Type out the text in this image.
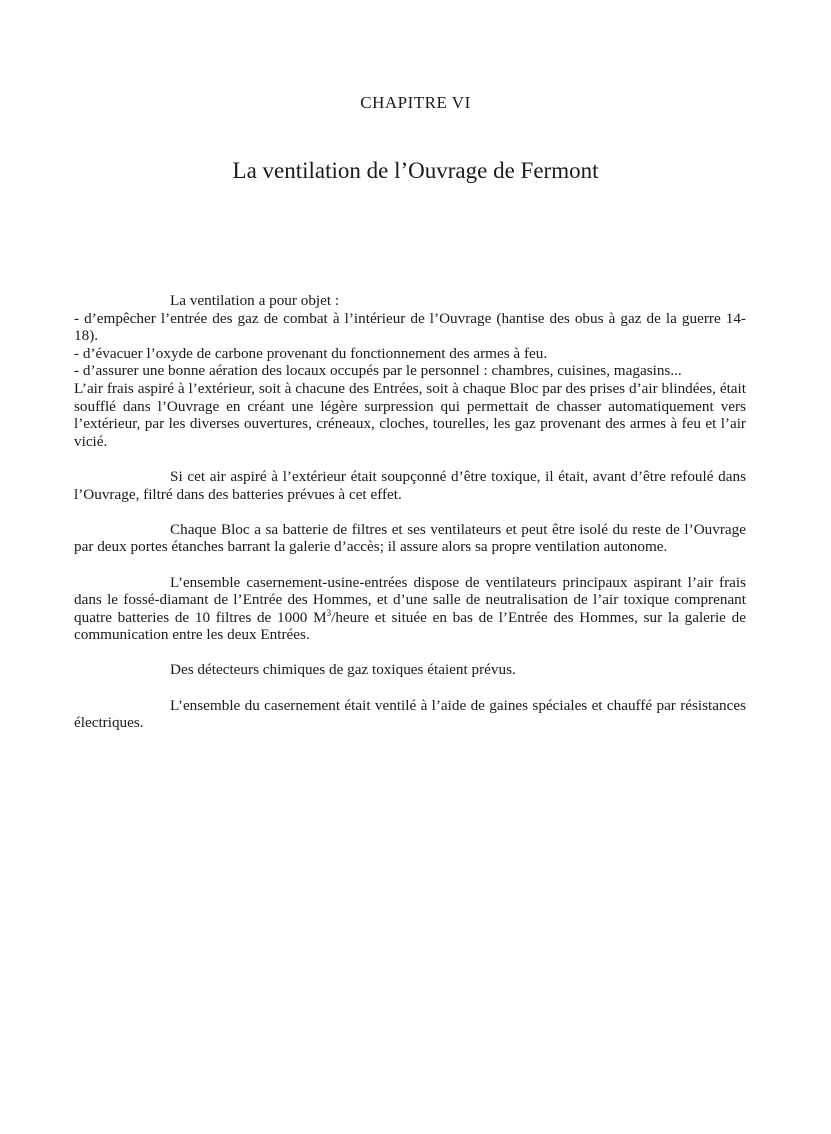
CHAPITRE VI
La ventilation de l’Ouvrage de Fermont

La ventilation a pour objet :

- d’empêcher l’entrée des gaz de combat à l’intérieur de l’Ouvrage (hantise des obus à gaz de la guerre 14-18).

- d’évacuer l’oxyde de carbone provenant du fonctionnement des armes à feu.

- d’assurer une bonne aération des locaux occupés par le personnel : chambres, cuisines, magasins...

L’air frais aspiré à l’extérieur, soit à chacune des Entrées, soit à chaque Bloc par des prises d’air blindées, était soufflé dans l’Ouvrage en créant une légère surpression qui permettait de chasser automatiquement vers l’extérieur, par les diverses ouvertures, créneaux, cloches, tourelles, les gaz provenant des armes à feu et l’air vicié.

Si cet air aspiré à l’extérieur était soupçonné d’être toxique, il était, avant d’être refoulé dans l’Ouvrage, filtré dans des batteries prévues à cet effet.

Chaque Bloc a sa batterie de filtres et ses ventilateurs et peut être isolé du reste de l’Ouvrage par deux portes étanches barrant la galerie d’accès; il assure alors sa propre ventilation autonome.

L’ensemble casernement-usine-entrées dispose de ventilateurs principaux aspirant l’air frais dans le fossé-diamant de l’Entrée des Hommes, et d’une salle de neutralisation de l’air toxique comprenant quatre batteries de 10 filtres de 1000 $M^3$/heure et située en bas de l’Entrée des Hommes, sur la galerie de communication entre les deux Entrées.

Des détecteurs chimiques de gaz toxiques étaient prévus.

L’ensemble du casernement était ventilé à l’aide de gaines spéciales et chauffé par résistances électriques.
